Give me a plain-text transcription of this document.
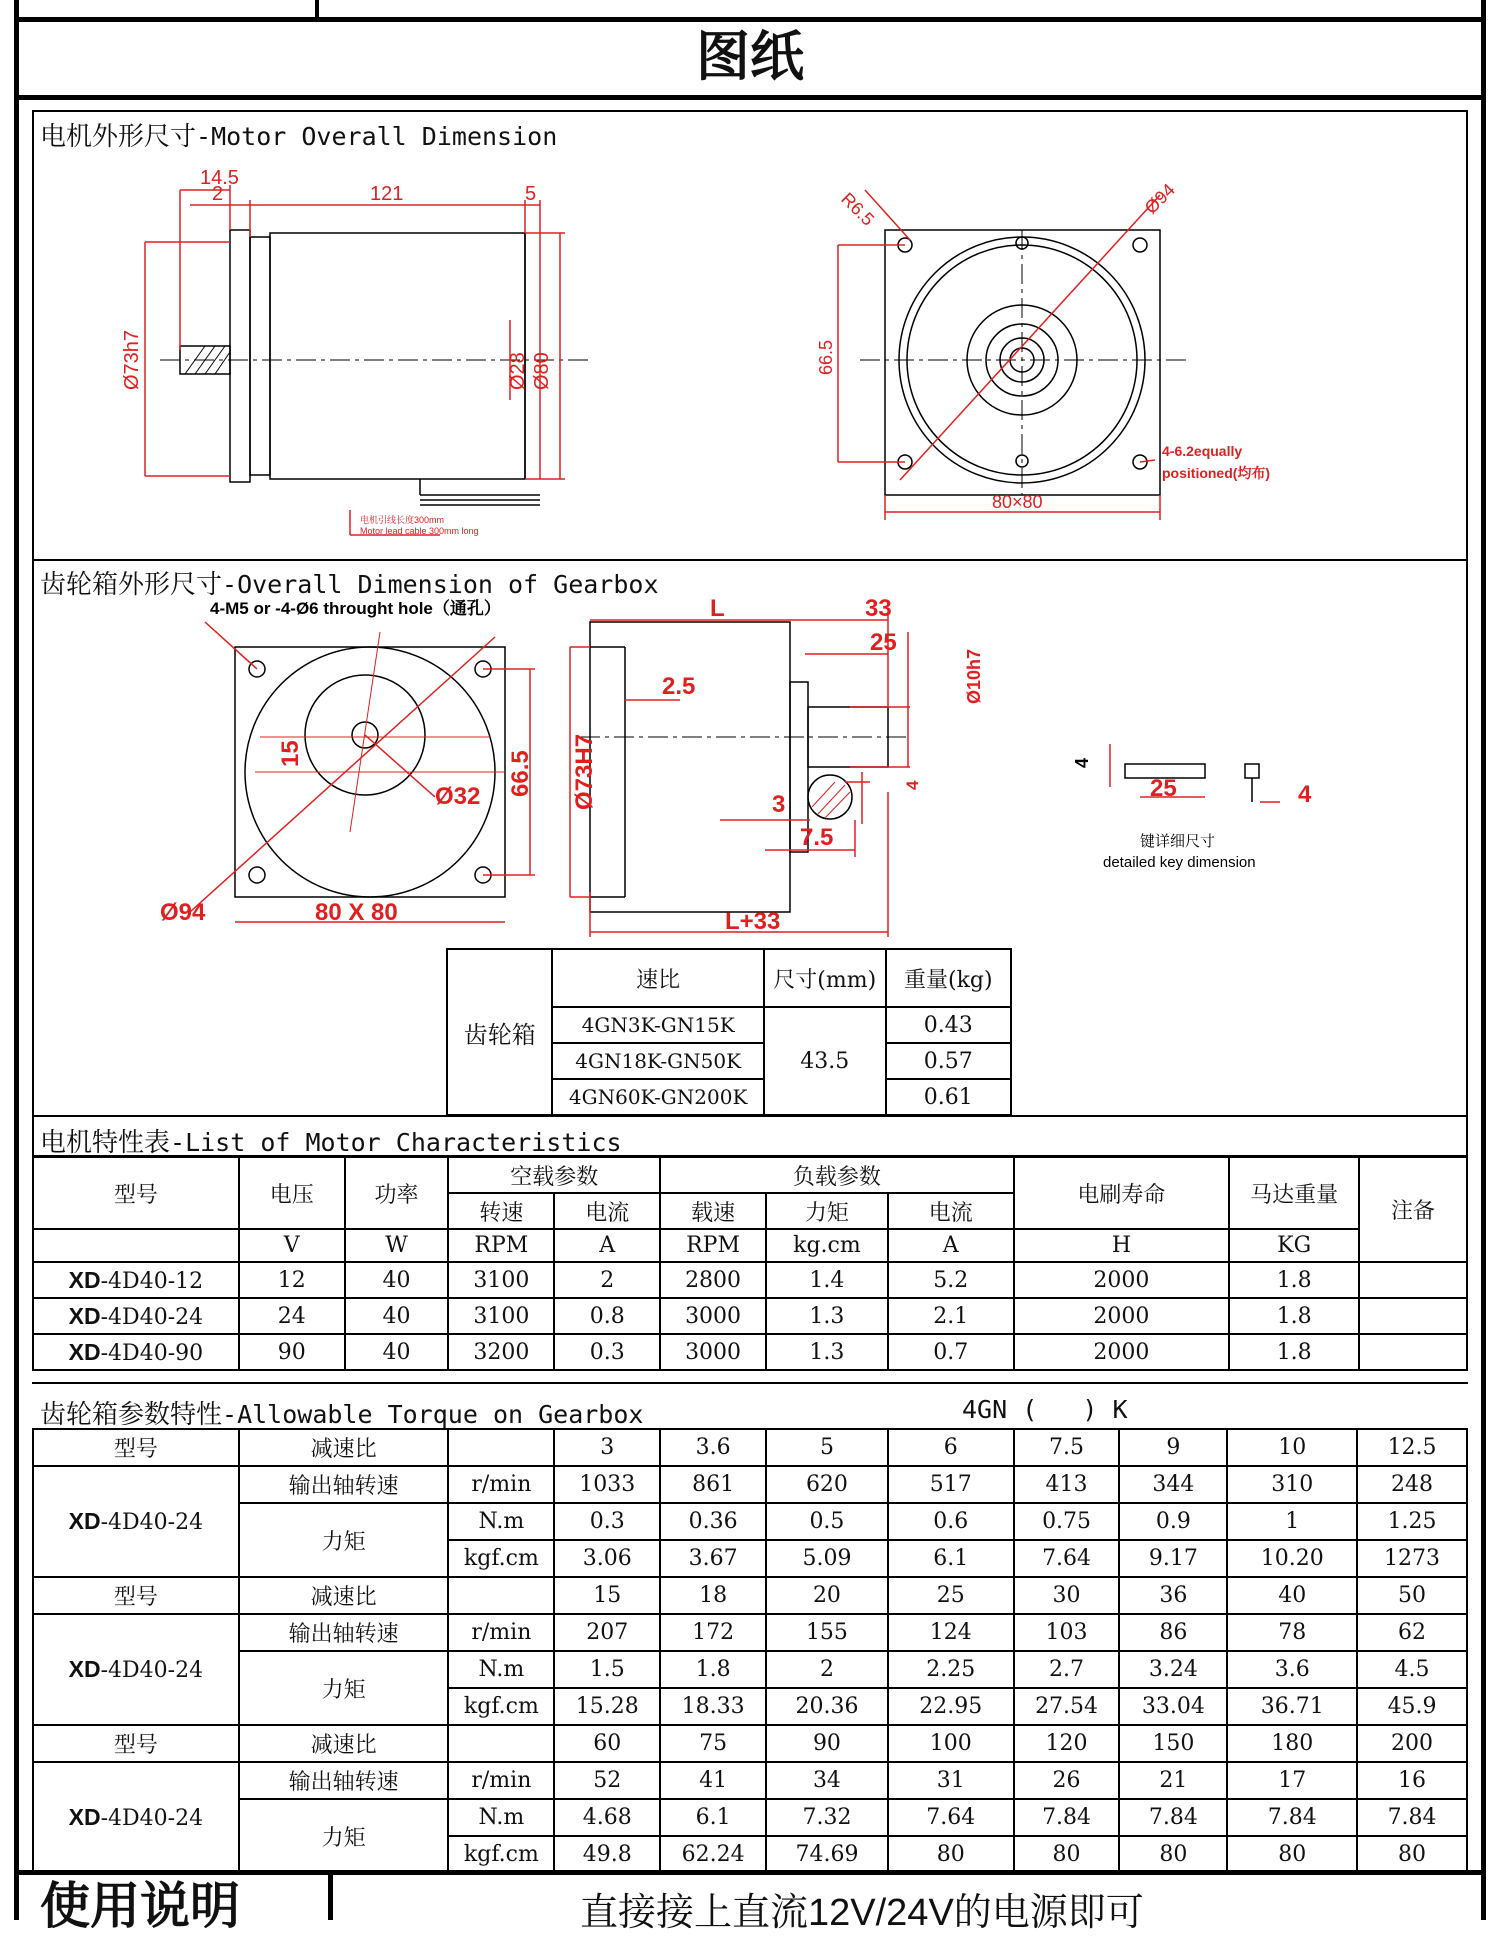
图纸
电机外形尺寸-Motor Overall Dimension
14.5
2	121	5
Ø73h7	Ø28 Ø80
电机引线长度300mm
Motor lead cable 300mm long
R6.5	Ø94
66.5
80×80
4-6.2equally
positioned(均布)
齿轮箱外形尺寸-Overall Dimension of Gearbox
4-M5 or -4-Ø6 throught hole（通孔）
15
Ø32 66.5
Ø94	80 X 80
L	33
25
Ø10h7
2.5
Ø73H7	3
7.5
4
L+33
4
25	4
键详细尺寸
detailed key dimension
齿轮箱	速比	尺寸(mm)	重量(kg)
	4GN3K-GN15K	43.5	0.43
	4GN18K-GN50K		0.57
	4GN60K-GN200K		0.61
电机特性表-List of Motor Characteristics
型号	电压	功率	空载参数		负载参数			电刷寿命	马达重量	注备
			转速	电流	载速	力矩	电流			
	V	W	RPM	A	RPM	kg.cm	A	H	KG	
XD-4D40-12	12	40	3100	2	2800	1.4	5.2	2000	1.8	
XD-4D40-24	24	40	3100	0.8	3000	1.3	2.1	2000	1.8	
XD-4D40-90	90	40	3200	0.3	3000	1.3	0.7	2000	1.8	
齿轮箱参数特性-Allowable Torque on Gearbox	4GN (   ) K
型号	减速比		3	3.6	5	6	7.5	9	10	12.5
XD-4D40-24	输出轴转速	r/min	1033	861	620	517	413	344	310	248
	力矩	N.m	0.3	0.36	0.5	0.6	0.75	0.9	1	1.25
		kgf.cm	3.06	3.67	5.09	6.1	7.64	9.17	10.20	1273
型号	减速比		15	18	20	25	30	36	40	50
XD-4D40-24	输出轴转速	r/min	207	172	155	124	103	86	78	62
	力矩	N.m	1.5	1.8	2	2.25	2.7	3.24	3.6	4.5
		kgf.cm	15.28	18.33	20.36	22.95	27.54	33.04	36.71	45.9
型号	减速比		60	75	90	100	120	150	180	200
XD-4D40-24	输出轴转速	r/min	52	41	34	31	26	21	17	16
	力矩	N.m	4.68	6.1	7.32	7.64	7.84	7.84	7.84	7.84
		kgf.cm	49.8	62.24	74.69	80	80	80	80	80
使用说明	直接接上直流12V/24V的电源即可
